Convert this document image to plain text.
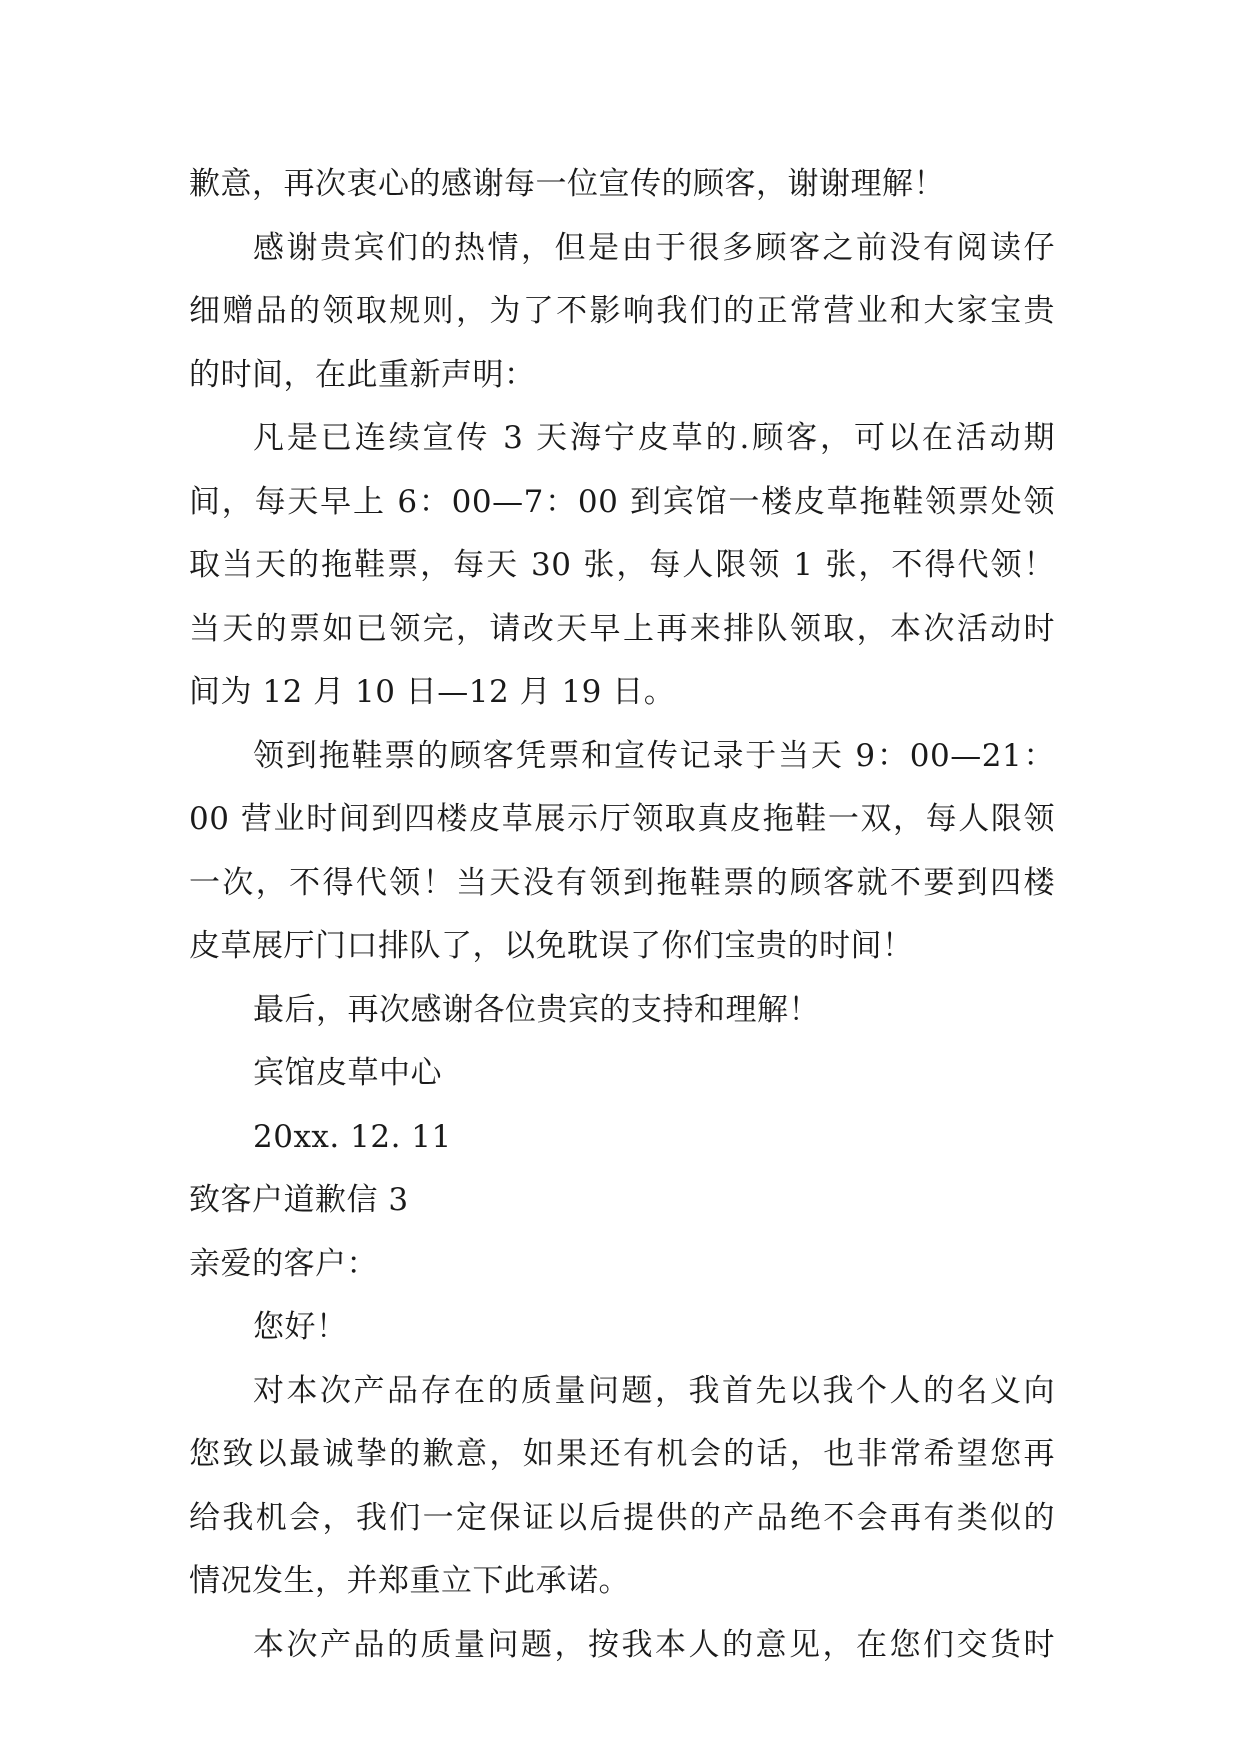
歉意，再次衷心的感谢每一位宣传的顾客，谢谢理解！
感谢贵宾们的热情，但是由于很多顾客之前没有阅读仔
细赠品的领取规则，为了不影响我们的正常营业和大家宝贵
的时间，在此重新声明：
凡是已连续宣传 3 天海宁皮草的.顾客，可以在活动期
间，每天早上 6：00—7：00 到宾馆一楼皮草拖鞋领票处领
取当天的拖鞋票，每天 30 张，每人限领 1 张，不得代领！
当天的票如已领完，请改天早上再来排队领取，本次活动时
间为 12 月 10 日—12 月 19 日。
领到拖鞋票的顾客凭票和宣传记录于当天 9：00—21：
00 营业时间到四楼皮草展示厅领取真皮拖鞋一双，每人限领
一次，不得代领！当天没有领到拖鞋票的顾客就不要到四楼
皮草展厅门口排队了，以免耽误了你们宝贵的时间！
最后，再次感谢各位贵宾的支持和理解！
宾馆皮草中心
20xx. 12. 11
致客户道歉信 3
亲爱的客户：
您好！
对本次产品存在的质量问题，我首先以我个人的名义向
您致以最诚挚的歉意，如果还有机会的话，也非常希望您再
给我机会，我们一定保证以后提供的产品绝不会再有类似的
情况发生，并郑重立下此承诺。
本次产品的质量问题，按我本人的意见，在您们交货时
